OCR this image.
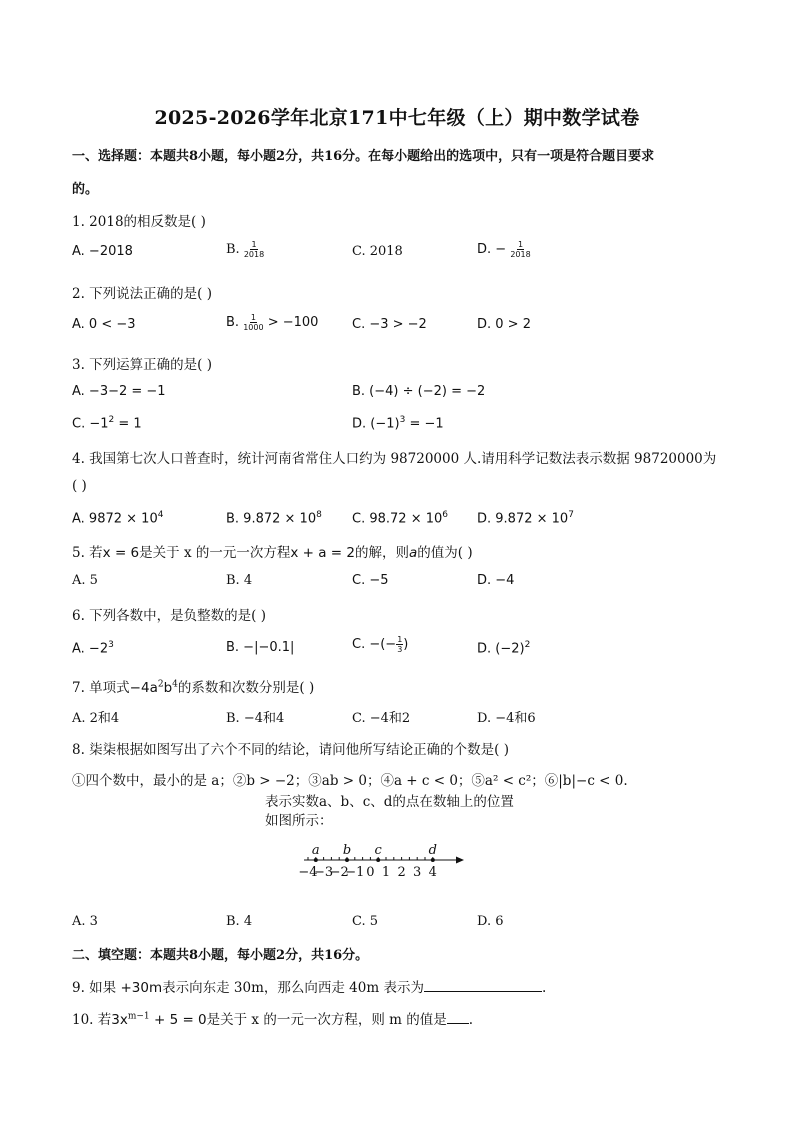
2025-2026学年北京171中七年级（上）期中数学试卷
一、选择题：本题共8小题，每小题2分，共16分。在每小题给出的选项中，只有一项是符合题目要求
的。
1. 2018的相反数是( )
A. −2018	B. $\frac{1}{2018}$	C. 2018	D. − $\frac{1}{2018}$
2. 下列说法正确的是( )
A. 0 < −3	B. $\frac{1}{1000} > -100$	C. −3 > −2	D. 0 > 2
3. 下列运算正确的是( )
A. −3−2 = −1	B. (−4) ÷ (−2) = −2
C. $-1^2 = 1$	D. $(-1)^3 = -1$
4. 我国第七次人口普查时，统计河南省常住人口约为 98720000 人.请用科学记数法表示数据 98720000为
( )
A. $9872 \times 10^4$	B. $9.872 \times 10^8$ C. $98.72 \times 10^6$ D. $9.872 \times 10^7$
5. 若x = 6是关于 x 的一元一次方程x + a = 2的解，则a的值为( )
A. 5	B. 4	C. −5	D. −4
6. 下列各数中，是负整数的是( )
A. $-2^3$	B. −|−0.1|	C. −(− $\frac{1}{3}$ )	D. $(-2)^2$
7. 单项式$-4a^2b^4$的系数和次数分别是( )
A. 2和4	B. −4和4	C. −4和2	D. −4和6
8. 柒柒根据如图写出了六个不同的结论，请问他所写结论正确的个数是( )
①四个数中，最小的是 a；②b > −2；③ab > 0；④a + c < 0；⑤a² < c²；⑥|b|−c < 0.
表示实数a、b、c、d的点在数轴上的位置
如图所示：
−4
−3
−2
−1 0 1 2 3 4
a b c	d
A. 3	B. 4	C. 5	D. 6
二、填空题：本题共8小题，每小题2分，共16分。
9. 如果 +30m表示向东走 30m，那么向西走 40m 表示为	.
10. 若$3x^{m-1} + 5 = 0$是关于 x 的一元一次方程，则 m 的值是 .
